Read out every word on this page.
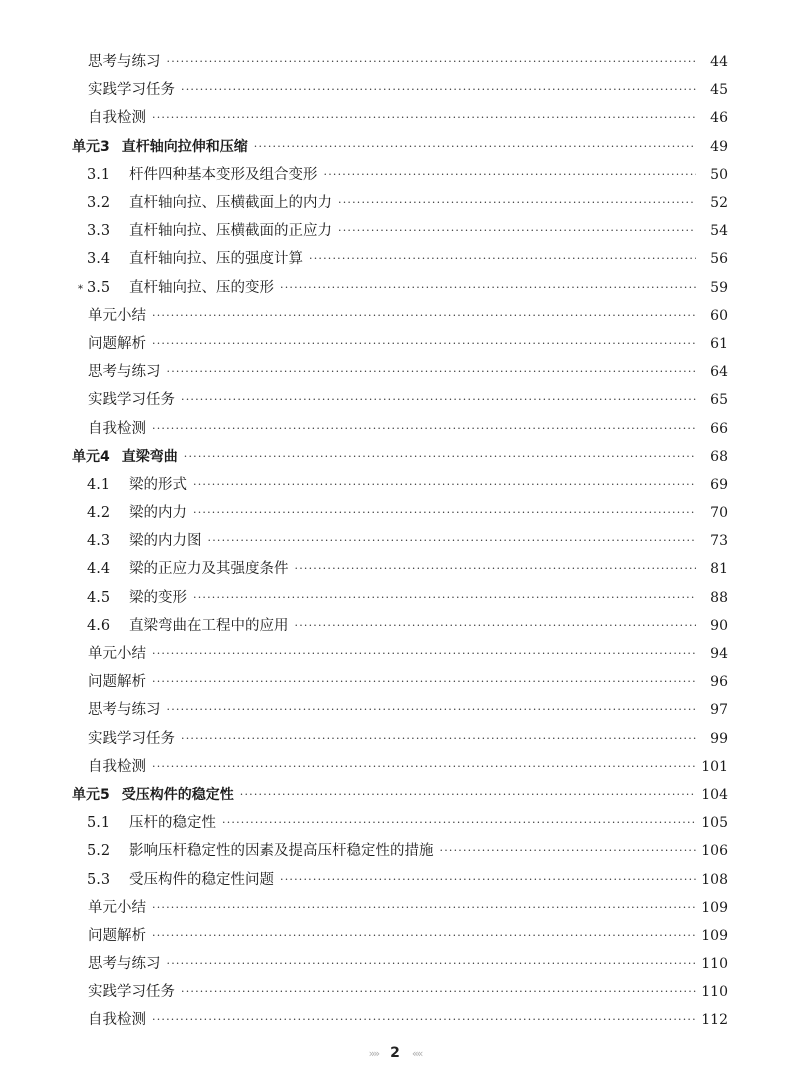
思考与练习 ·····	44
实践学习任务 ·····	45
自我检测 ·····	46
单元3 直杆轴向拉伸和压缩 ·····	49
3.1	杆件四种基本变形及组合变形 ·····	50
3.2	直杆轴向拉、压横截面上的内力 ·····	52
3.3	直杆轴向拉、压横截面的正应力 ·····	54
3.4	直杆轴向拉、压的强度计算 ·····	56
* 3.5	直杆轴向拉、压的变形 ·····	59
单元小结 ·····	60
问题解析 ·····	61
思考与练习 ·····	64
实践学习任务 ·····	65
自我检测 ·····	66
单元4 直梁弯曲 ·····	68
4.1	梁的形式 ·····	69
4.2	梁的内力 ·····	70
4.3	梁的内力图 ·····	73
4.4	梁的正应力及其强度条件 ·····	81
4.5	梁的变形 ·····	88
4.6	直梁弯曲在工程中的应用 ·····	90
单元小结 ·····	94
问题解析 ·····	96
思考与练习 ·····	97
实践学习任务 ·····	99
自我检测 ·····	101
单元5 受压构件的稳定性 ·····	104
5.1	压杆的稳定性 ·····	105
5.2	影响压杆稳定性的因素及提高压杆稳定性的措施 ·····	106
5.3	受压构件的稳定性问题 ·····	108
单元小结 ·····	109
问题解析 ·····	109
思考与练习 ·····	110
实践学习任务 ·····	110
自我检测 ·····	112
»» 2 ««
